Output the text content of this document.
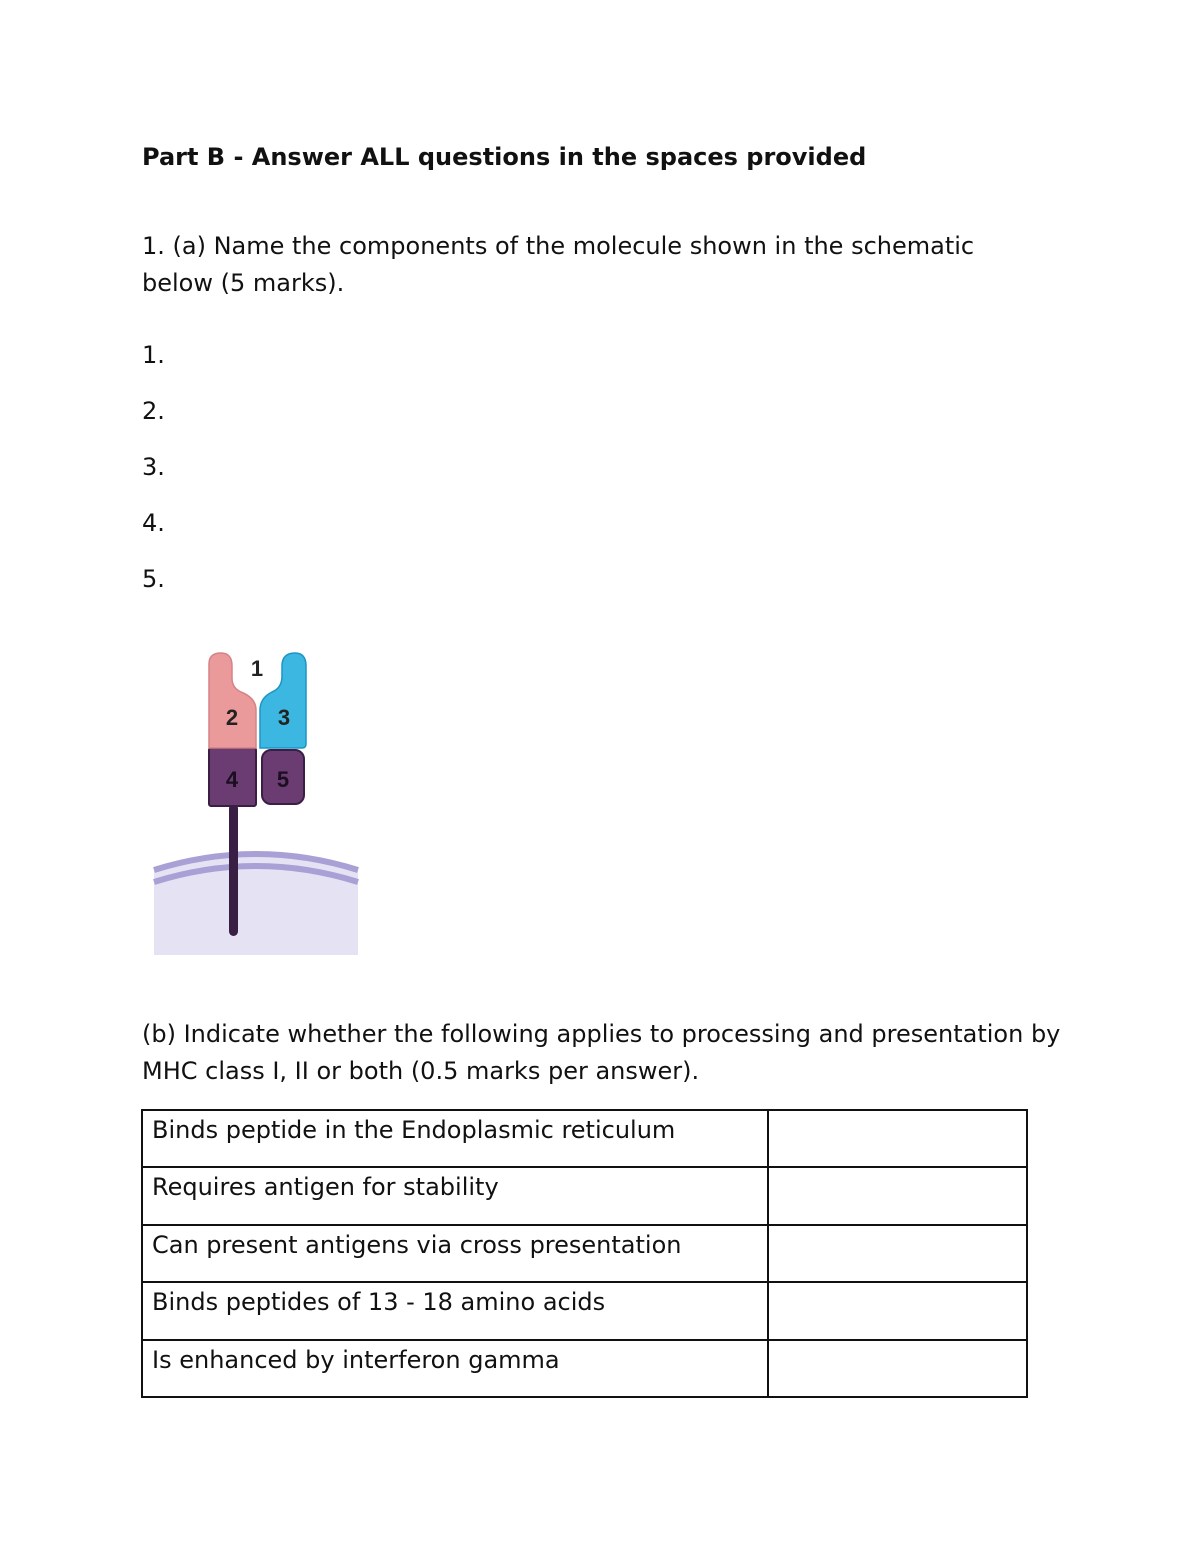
Part B - Answer ALL questions in the spaces provided

1. (a) Name the components of the molecule shown in the schematic below (5 marks).

1.

2.

3.

4.

5.

1
2 3
4 5

(b) Indicate whether the following applies to processing and presentation by MHC class I, II or both (0.5 marks per answer).

Binds peptide in the Endoplasmic reticulum	
Requires antigen for stability	
Can present antigens via cross presentation	
Binds peptides of 13 - 18 amino acids	
Is enhanced by interferon gamma	
